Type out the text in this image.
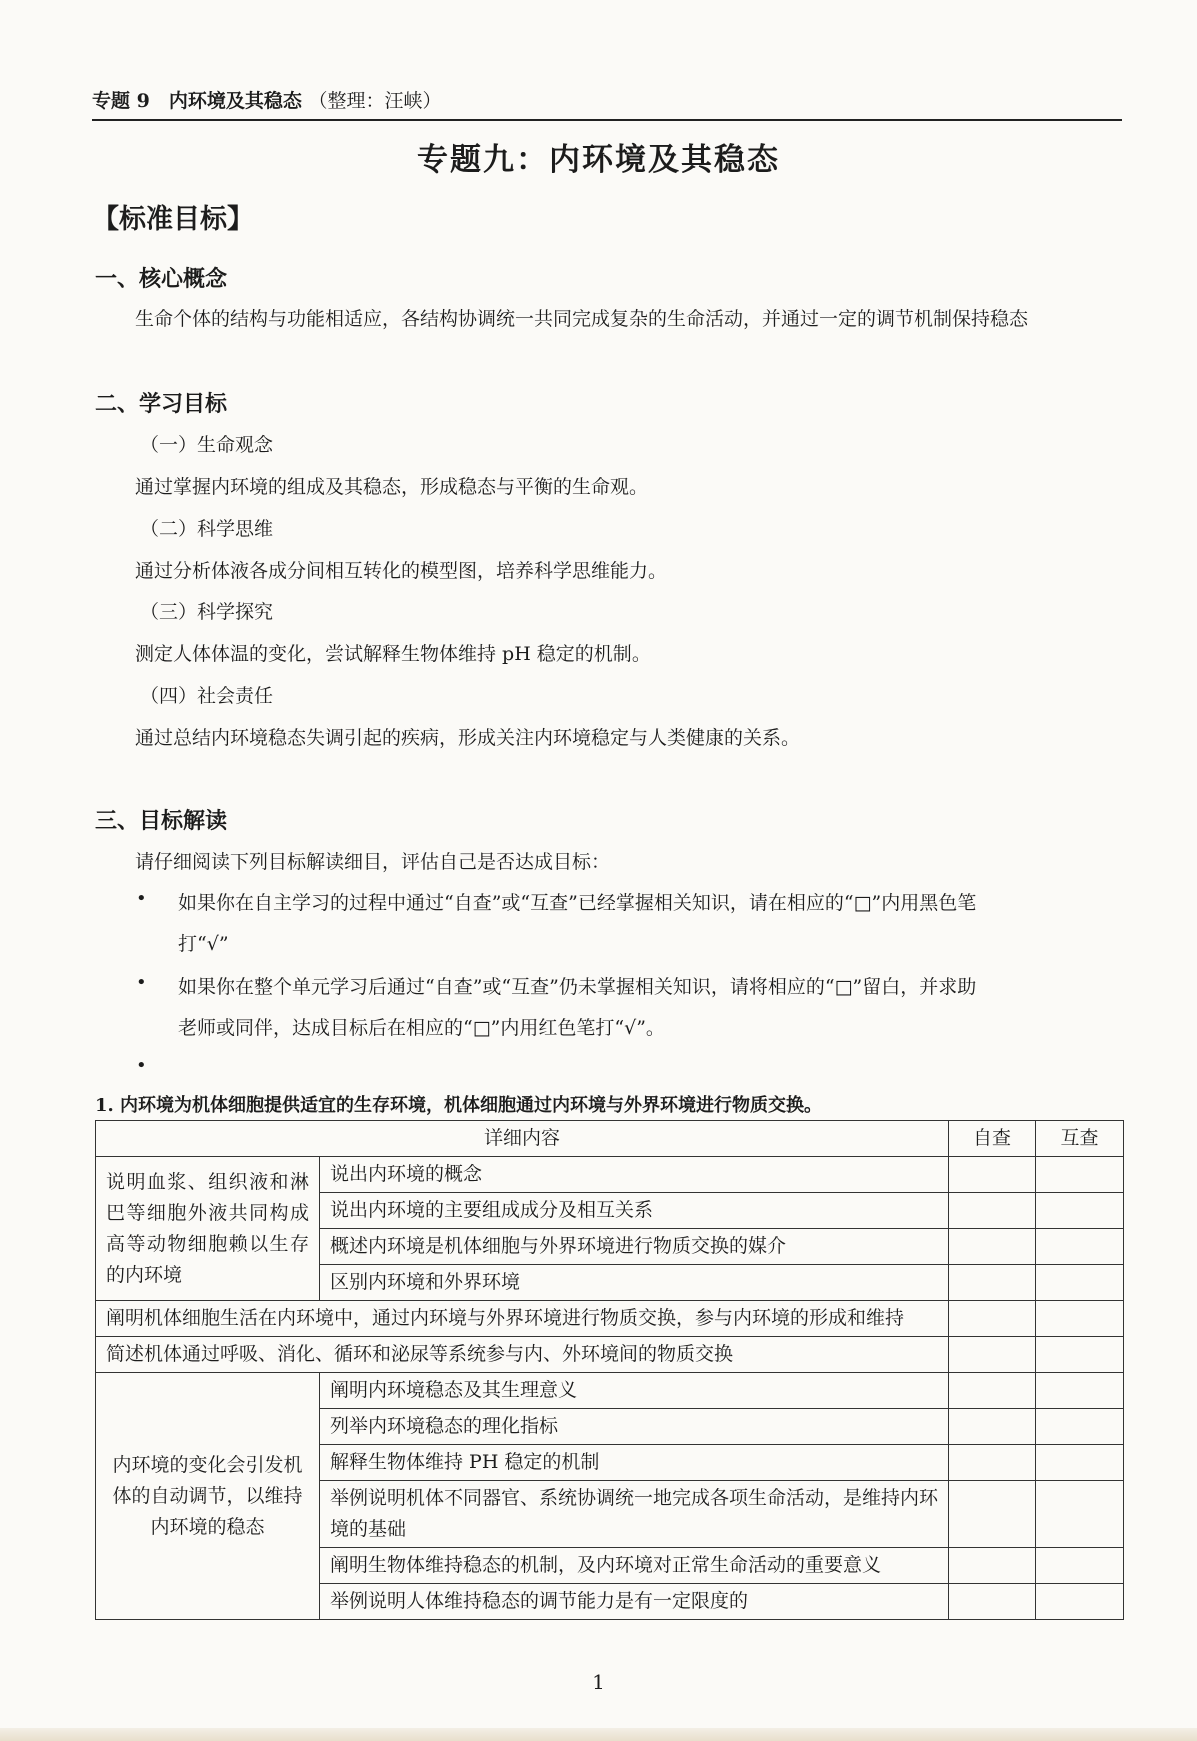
专题 9　内环境及其稳态 （整理：汪峡）
专题九：内环境及其稳态
【标准目标】
一、核心概念
生命个体的结构与功能相适应，各结构协调统一共同完成复杂的生命活动，并通过一定的调节机制保持稳态
二、学习目标
（一）生命观念
通过掌握内环境的组成及其稳态，形成稳态与平衡的生命观。
（二）科学思维
通过分析体液各成分间相互转化的模型图，培养科学思维能力。
（三）科学探究
测定人体体温的变化，尝试解释生物体维持 pH 稳定的机制。
（四）社会责任
通过总结内环境稳态失调引起的疾病，形成关注内环境稳定与人类健康的关系。
三、目标解读
请仔细阅读下列目标解读细目，评估自己是否达成目标：
• 如果你在自主学习的过程中通过“自查”或“互查”已经掌握相关知识，请在相应的“□”内用黑色笔
打“√”
• 如果你在整个单元学习后通过“自查”或“互查”仍未掌握相关知识，请将相应的“□”留白，并求助
老师或同伴，达成目标后在相应的“□”内用红色笔打“√”。
•
1. 内环境为机体细胞提供适宜的生存环境，机体细胞通过内环境与外界环境进行物质交换。
详细内容		自查	互查
说明血浆、组织液和淋巴等细胞外液共同构成高等动物细胞赖以生存的内环境	说出内环境的概念		
	说出内环境的主要组成成分及相互关系		
	概述内环境是机体细胞与外界环境进行物质交换的媒介		
	区别内环境和外界环境		
阐明机体细胞生活在内环境中，通过内环境与外界环境进行物质交换，参与内环境的形成和维持			
简述机体通过呼吸、消化、循环和泌尿等系统参与内、外环境间的物质交换			
内环境的变化会引发机体的自动调节，以维持内环境的稳态	阐明内环境稳态及其生理意义		
	列举内环境稳态的理化指标		
	解释生物体维持 PH 稳定的机制		
	举例说明机体不同器官、系统协调统一地完成各项生命活动，是维持内环境的基础		
	阐明生物体维持稳态的机制，及内环境对正常生命活动的重要意义		
	举例说明人体维持稳态的调节能力是有一定限度的		
1
